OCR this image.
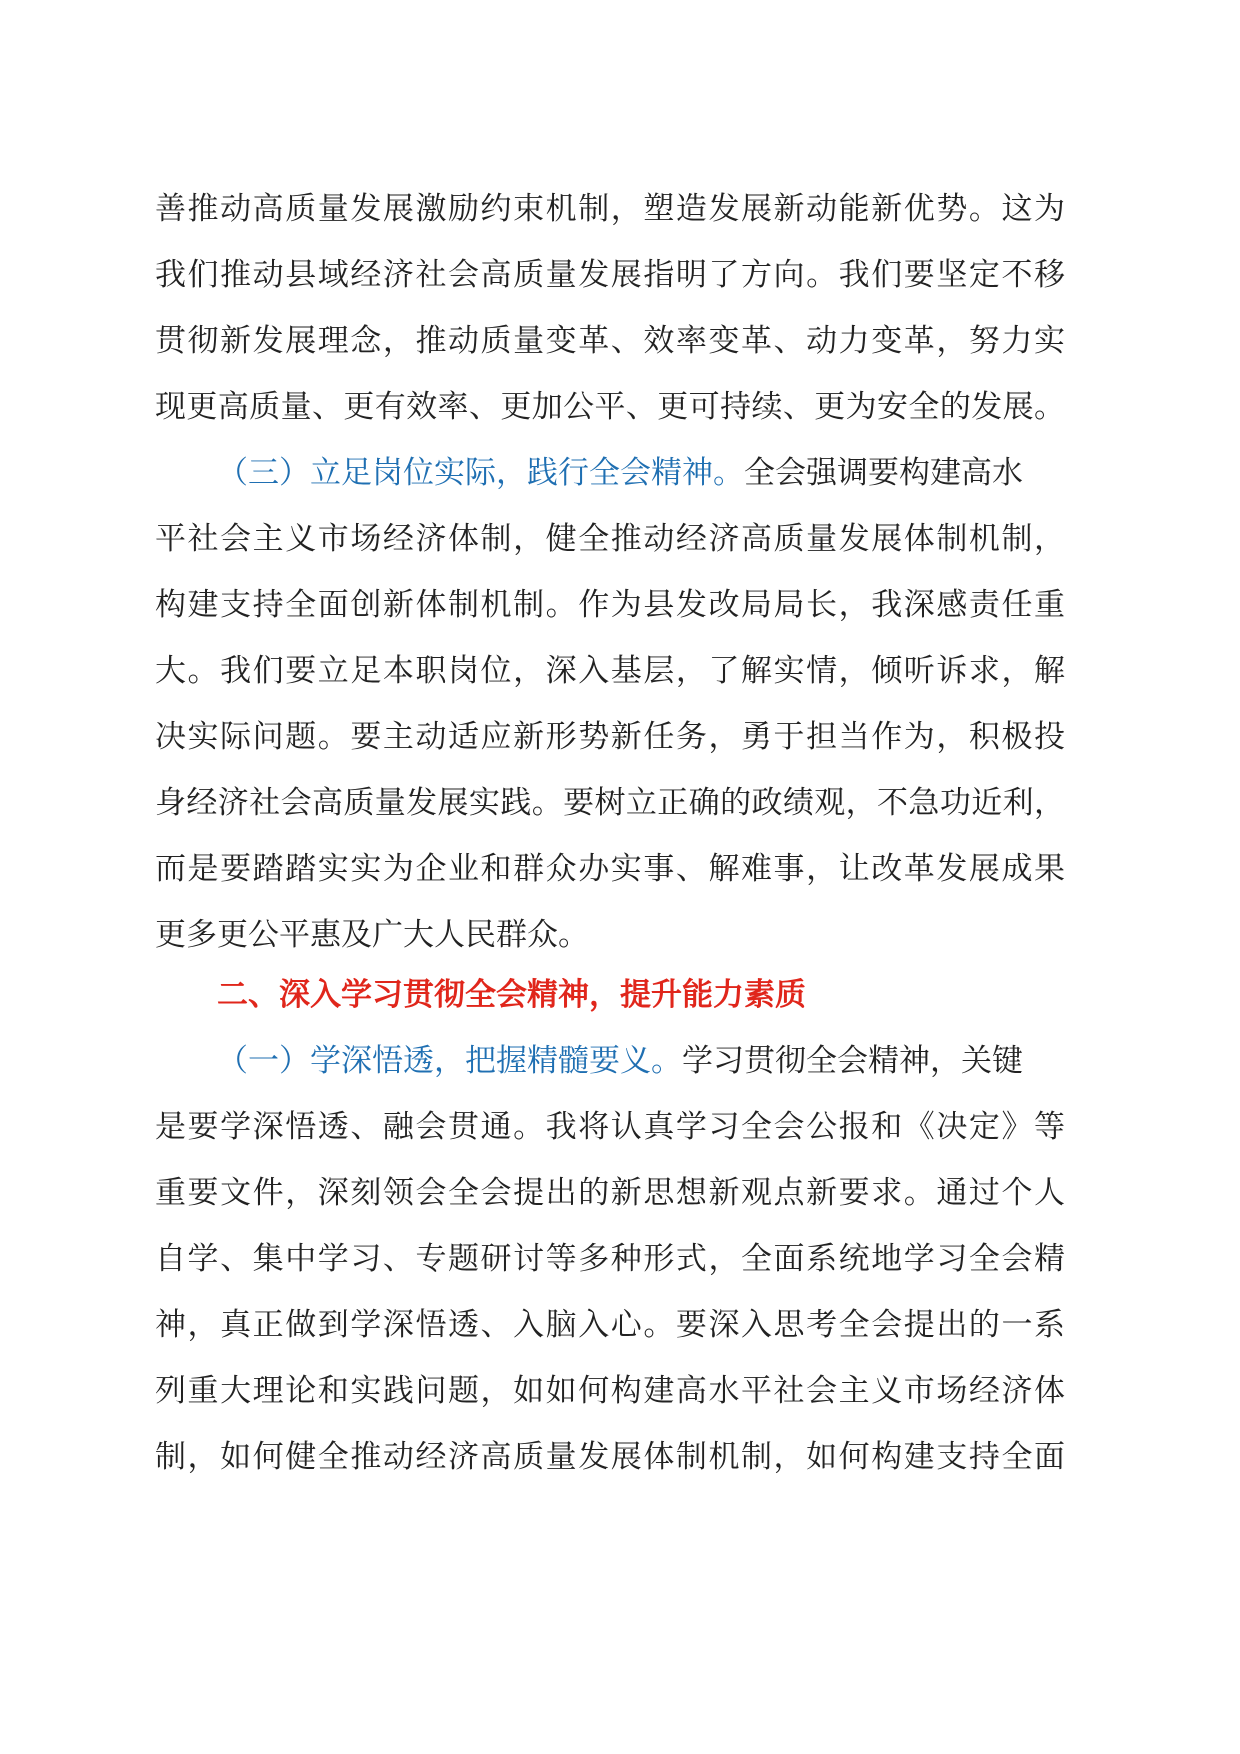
善推动高质量发展激励约束机制，塑造发展新动能新优势。这为
我们推动县域经济社会高质量发展指明了方向。我们要坚定不移
贯彻新发展理念，推动质量变革、效率变革、动力变革，努力实
现更高质量、更有效率、更加公平、更可持续、更为安全的发展。
（三）立足岗位实际，践行全会精神。全会强调要构建高水
平社会主义市场经济体制，健全推动经济高质量发展体制机制，
构建支持全面创新体制机制。作为县发改局局长，我深感责任重
大。我们要立足本职岗位，深入基层，了解实情，倾听诉求，解
决实际问题。要主动适应新形势新任务，勇于担当作为，积极投
身经济社会高质量发展实践。要树立正确的政绩观，不急功近利，
而是要踏踏实实为企业和群众办实事、解难事，让改革发展成果
更多更公平惠及广大人民群众。
二、深入学习贯彻全会精神，提升能力素质
（一）学深悟透，把握精髓要义。学习贯彻全会精神，关键
是要学深悟透、融会贯通。我将认真学习全会公报和《决定》等
重要文件，深刻领会全会提出的新思想新观点新要求。通过个人
自学、集中学习、专题研讨等多种形式，全面系统地学习全会精
神，真正做到学深悟透、入脑入心。要深入思考全会提出的一系
列重大理论和实践问题，如如何构建高水平社会主义市场经济体
制，如何健全推动经济高质量发展体制机制，如何构建支持全面
